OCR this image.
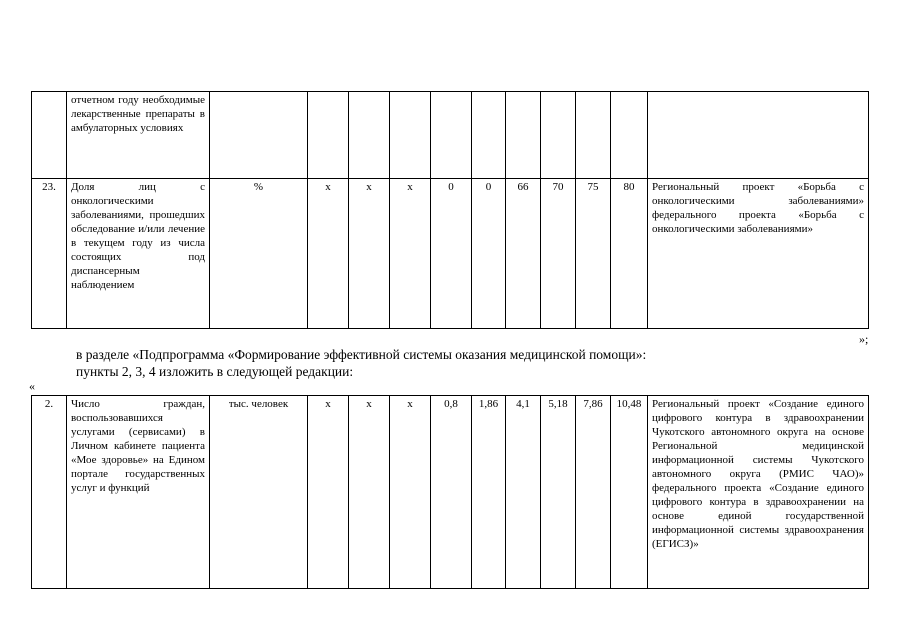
	отчетном году необходимые лекарственные препараты в амбулаторных условиях											
23.	Доля лиц с онкологическими заболеваниями, прошедших обследование и/или лечение в текущем году из числа состоящих под диспансерным наблюдением	%	x	x	x	0	0	66	70	75	80	Региональный проект «Борьба с онкологическими заболеваниями» федерального проекта «Борьба с онкологическими заболеваниями»
»;
в разделе «Подпрограмма «Формирование эффективной системы оказания медицинской помощи»:
пункты 2, 3, 4 изложить в следующей редакции:
«
2.	Число граждан, воспользовавшихся услугами (сервисами) в Личном кабинете пациента «Мое здоровье» на Едином портале государственных услуг и функций	тыс. человек	x	x	x	0,8	1,86	4,1	5,18	7,86	10,48	Региональный проект «Создание единого цифрового контура в здравоохранении Чукотского автономного округа на основе Региональной медицинской информационной системы Чукотского автономного округа (РМИС ЧАО)» федерального проекта «Создание единого цифрового контура в здравоохранении на основе единой государственной информационной системы здравоохранения (ЕГИСЗ)»
